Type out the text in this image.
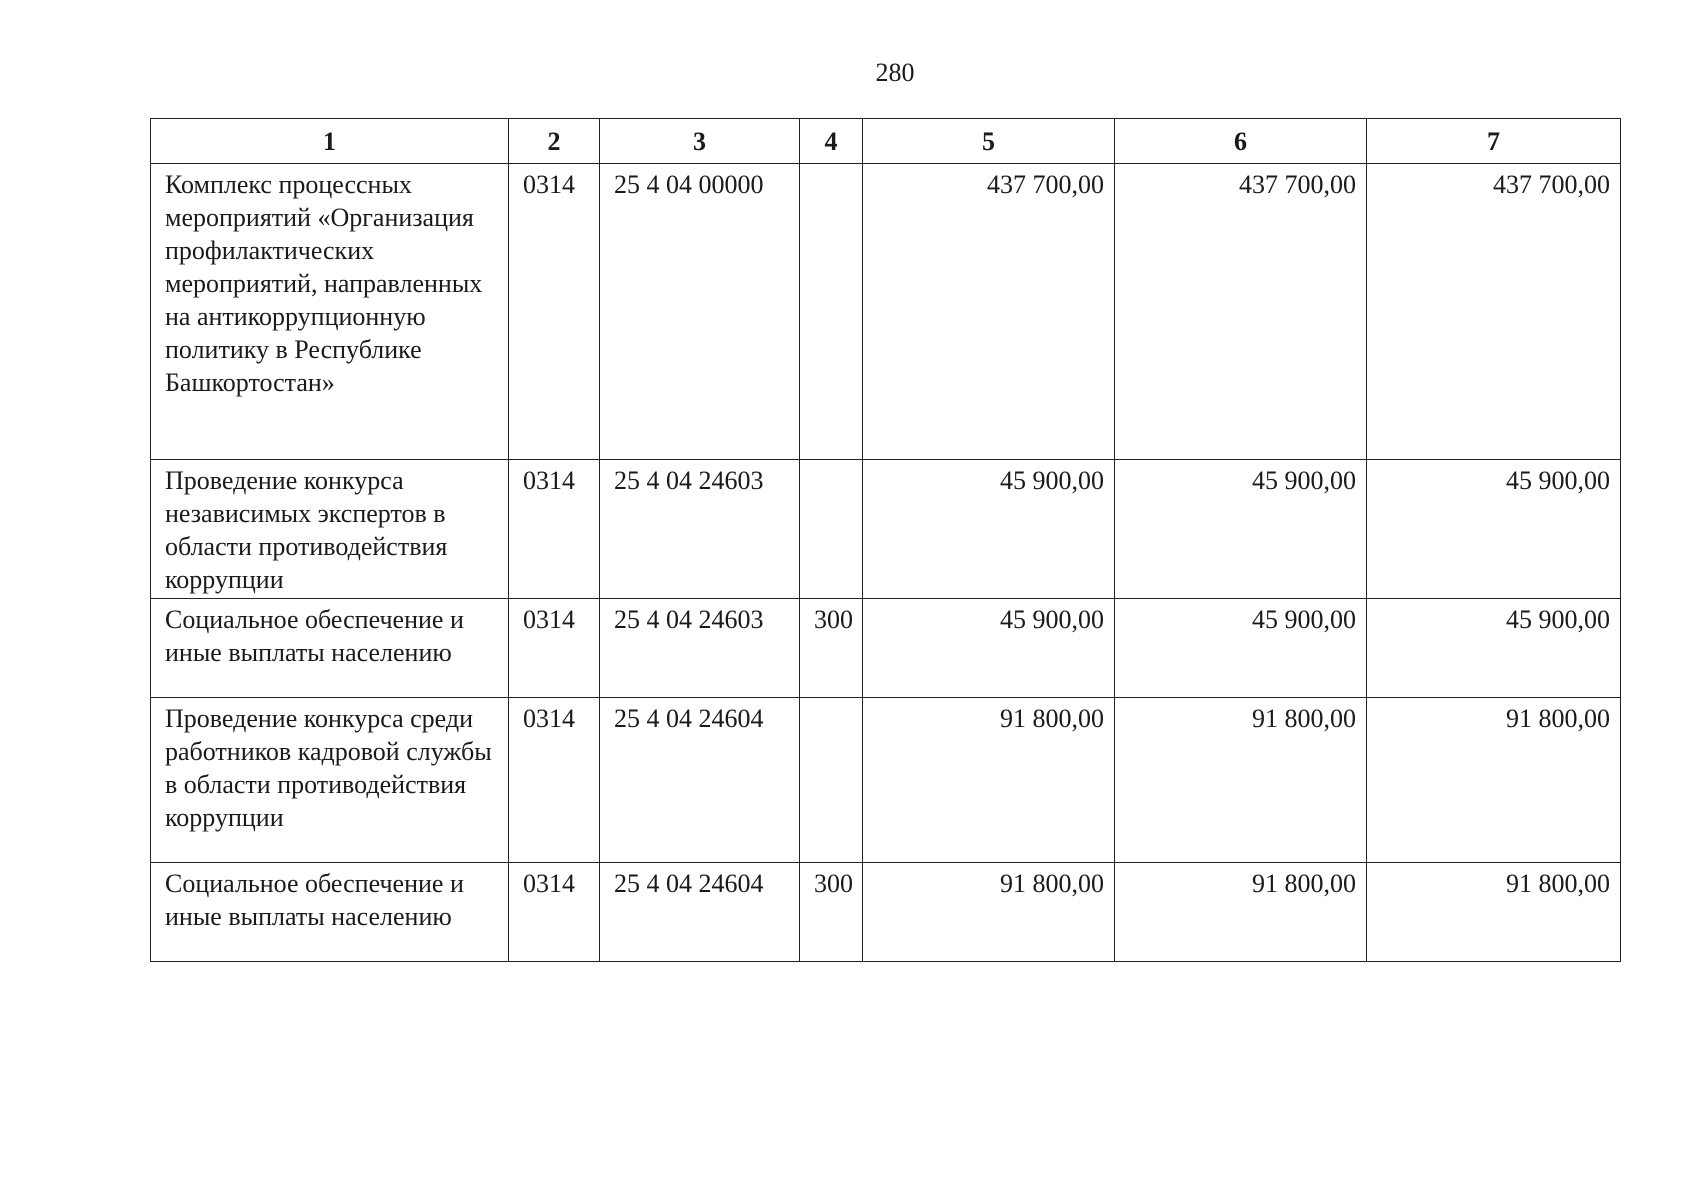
280
1	2	3	4	5	6	7
Комплекс процессных мероприятий «Организация профилактических мероприятий, направленных на антикоррупционную политику в Республике Башкортостан»	0314	25 4 04 00000		437 700,00	437 700,00	437 700,00
Проведение конкурса независимых экспертов в области противодействия коррупции	0314	25 4 04 24603		45 900,00	45 900,00	45 900,00
Социальное обеспечение и иные выплаты населению	0314	25 4 04 24603	300	45 900,00	45 900,00	45 900,00
Проведение конкурса среди работников кадровой службы в области противодействия коррупции	0314	25 4 04 24604		91 800,00	91 800,00	91 800,00
Социальное обеспечение и иные выплаты населению	0314	25 4 04 24604	300	91 800,00	91 800,00	91 800,00
